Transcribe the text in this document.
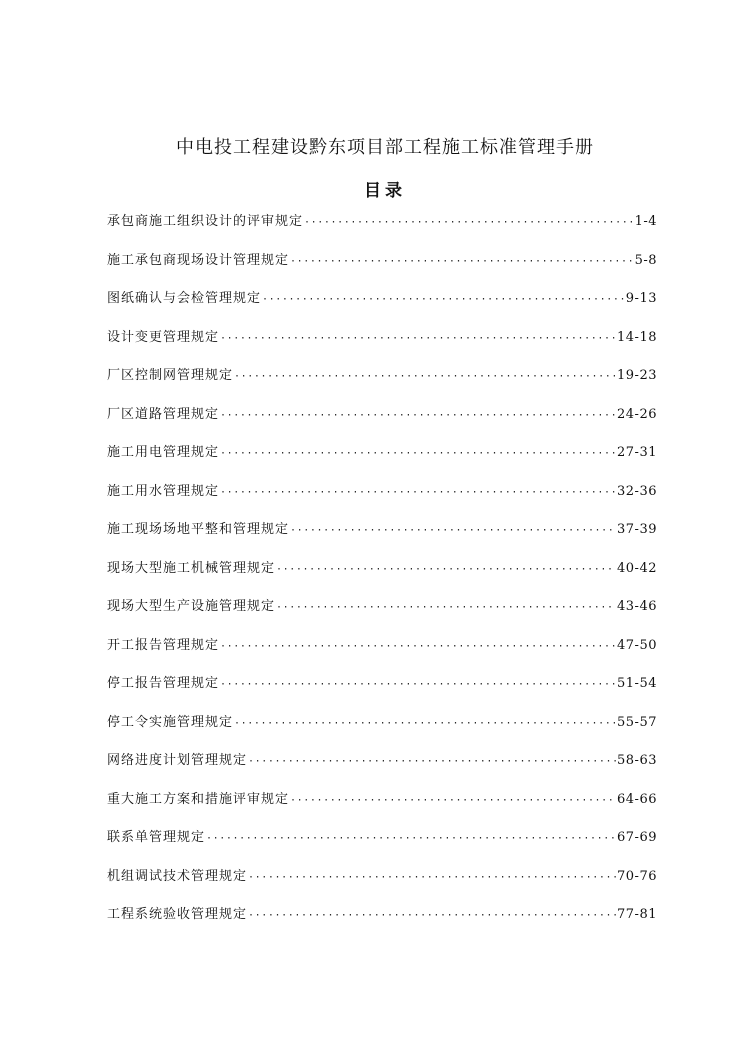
中电投工程建设黔东项目部工程施工标准管理手册
目录
承包商施工组织设计的评审规定 ·····	1-4
施工承包商现场设计管理规定 ·····	5-8
图纸确认与会检管理规定 ·····	9-13
设计变更管理规定 ·····	14-18
厂区控制网管理规定 ·····	19-23
厂区道路管理规定 ·····	24-26
施工用电管理规定 ·····	27-31
施工用水管理规定 ·····	32-36
施工现场场地平整和管理规定 ·····	37-39
现场大型施工机械管理规定 ·····	40-42
现场大型生产设施管理规定 ·····	43-46
开工报告管理规定 ·····	47-50
停工报告管理规定 ·····	51-54
停工令实施管理规定 ·····	55-57
网络进度计划管理规定 ·····	58-63
重大施工方案和措施评审规定 ·····	64-66
联系单管理规定 ·····	67-69
机组调试技术管理规定 ·····	70-76
工程系统验收管理规定 ·····	77-81
